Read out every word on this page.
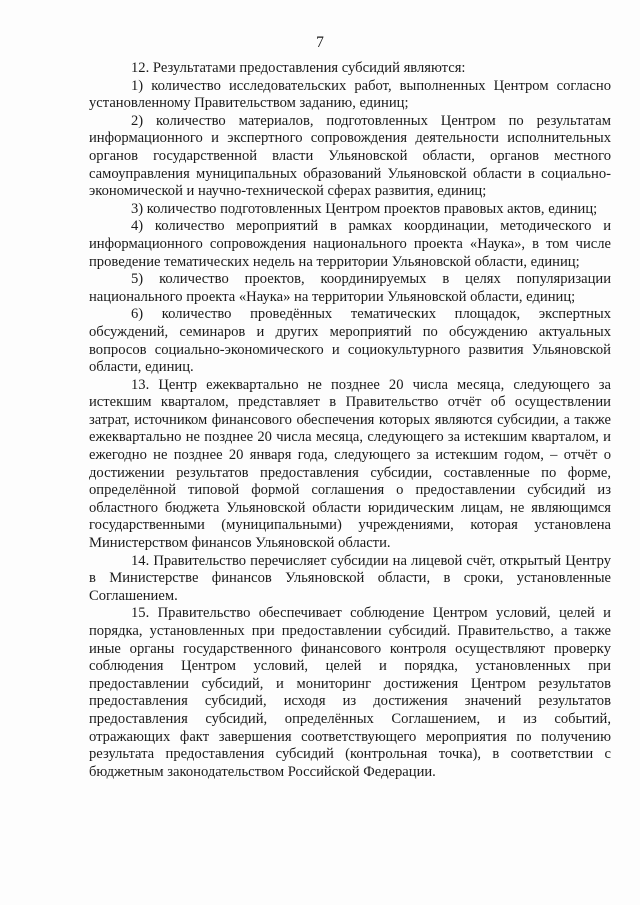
7

12. Результатами предоставления субсидий являются:

1) количество исследовательских работ, выполненных Центром согласно установленному Правительством заданию, единиц;

2) количество материалов, подготовленных Центром по результатам информационного и экспертного сопровождения деятельности исполнительных органов государственной власти Ульяновской области, органов местного самоуправления муниципальных образований Ульяновской области в социально-экономической и научно-технической сферах развития, единиц;

3) количество подготовленных Центром проектов правовых актов, единиц;

4) количество мероприятий в рамках координации, методического и информационного сопровождения национального проекта «Наука», в том числе проведение тематических недель на территории Ульяновской области, единиц;

5) количество проектов, координируемых в целях популяризации национального проекта «Наука» на территории Ульяновской области, единиц;

6) количество проведённых тематических площадок, экспертных обсуждений, семинаров и других мероприятий по обсуждению актуальных вопросов социально-экономического и социокультурного развития Ульяновской области, единиц.

13. Центр ежеквартально не позднее 20 числа месяца, следующего за истекшим кварталом, представляет в Правительство отчёт об осуществлении затрат, источником финансового обеспечения которых являются субсидии, а также ежеквартально не позднее 20 числа месяца, следующего за истекшим кварталом, и ежегодно не позднее 20 января года, следующего за истекшим годом, – отчёт о достижении результатов предоставления субсидии, составленные по форме, определённой типовой формой соглашения о предоставлении субсидий из областного бюджета Ульяновской области юридическим лицам, не являющимся государственными (муниципальными) учреждениями, которая установлена Министерством финансов Ульяновской области.

14. Правительство перечисляет субсидии на лицевой счёт, открытый Центру в Министерстве финансов Ульяновской области, в сроки, установленные Соглашением.

15. Правительство обеспечивает соблюдение Центром условий, целей и порядка, установленных при предоставлении субсидий. Правительство, а также иные органы государственного финансового контроля осуществляют проверку соблюдения Центром условий, целей и порядка, установленных при предоставлении субсидий, и мониторинг достижения Центром результатов предоставления субсидий, исходя из достижения значений результатов предоставления субсидий, определённых Соглашением, и из событий, отражающих факт завершения соответствующего мероприятия по получению результата предоставления субсидий (контрольная точка), в соответствии с бюджетным законодательством Российской Федерации.
